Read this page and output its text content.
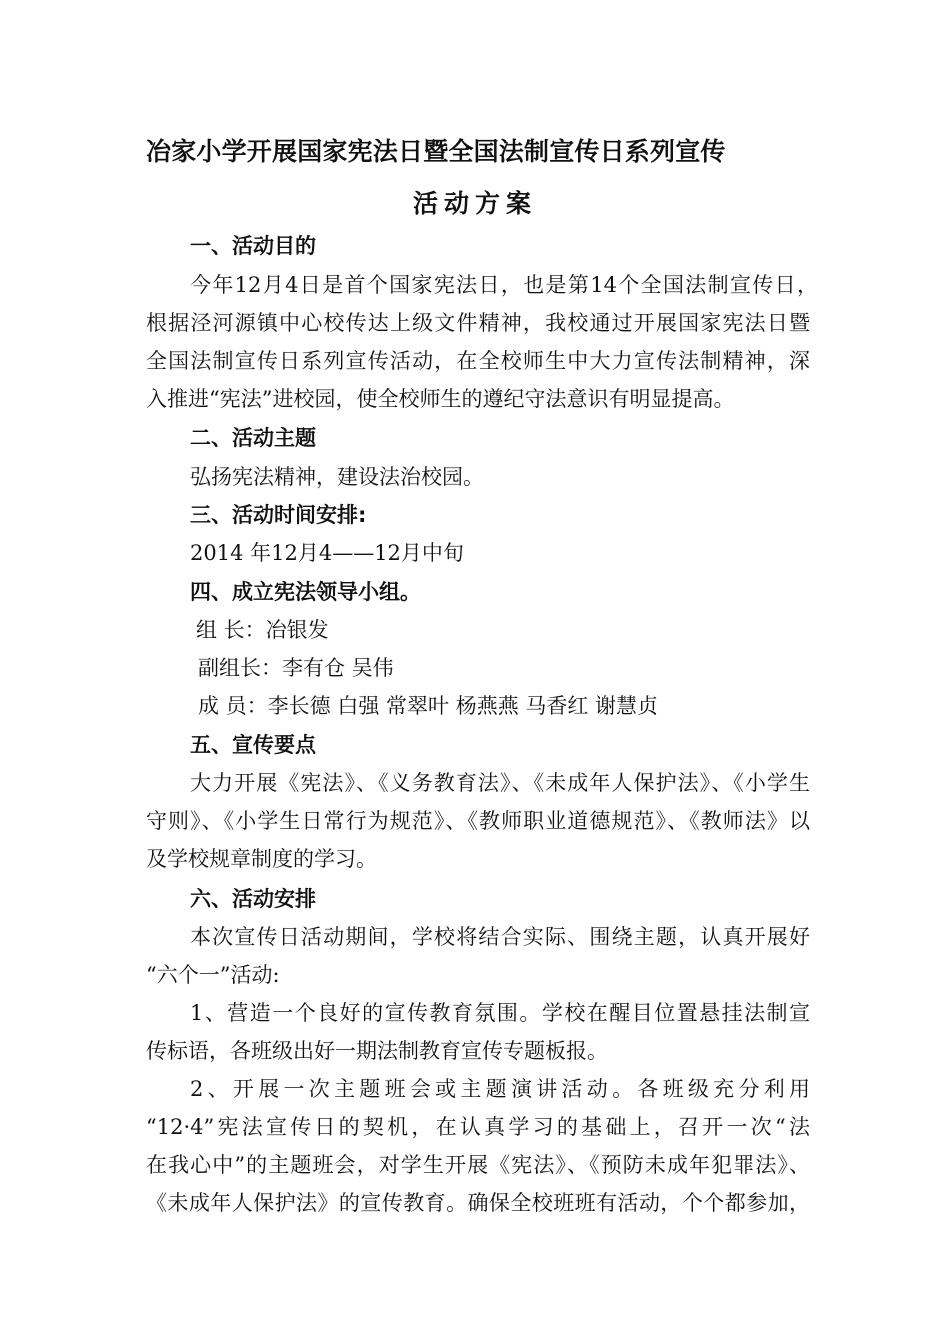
冶家小学开展国家宪法日暨全国法制宣传日系列宣传
活动方案
一、活动目的
今年12月4日是首个国家宪法日，也是第14个全国法制宣传日，
根据泾河源镇中心校传达上级文件精神，我校通过开展国家宪法日暨
全国法制宣传日系列宣传活动，在全校师生中大力宣传法制精神，深
入推进“宪法”进校园，使全校师生的遵纪守法意识有明显提高。
二、活动主题
弘扬宪法精神，建设法治校园。
三、活动时间安排:
2014 年12月4——12月中旬
四、成立宪法领导小组。
组 长：冶银发
副组长：李有仓 吴伟
成 员：李长德 白强 常翠叶 杨燕燕 马香红 谢慧贞
五、宣传要点
大力开展《宪法》、《义务教育法》、《未成年人保护法》、《小学生
守则》、《小学生日常行为规范》、《教师职业道德规范》、《教师法》以
及学校规章制度的学习。
六、活动安排
本次宣传日活动期间，学校将结合实际、围绕主题，认真开展好
“六个一”活动:
1、营造一个良好的宣传教育氛围。学校在醒目位置悬挂法制宣
传标语，各班级出好一期法制教育宣传专题板报。
2、开展一次主题班会或主题演讲活动。各班级充分利用
“12·4”宪法宣传日的契机，在认真学习的基础上，召开一次“法
在我心中”的主题班会，对学生开展《宪法》、《预防未成年犯罪法》、
《未成年人保护法》的宣传教育。确保全校班班有活动，个个都参加，
